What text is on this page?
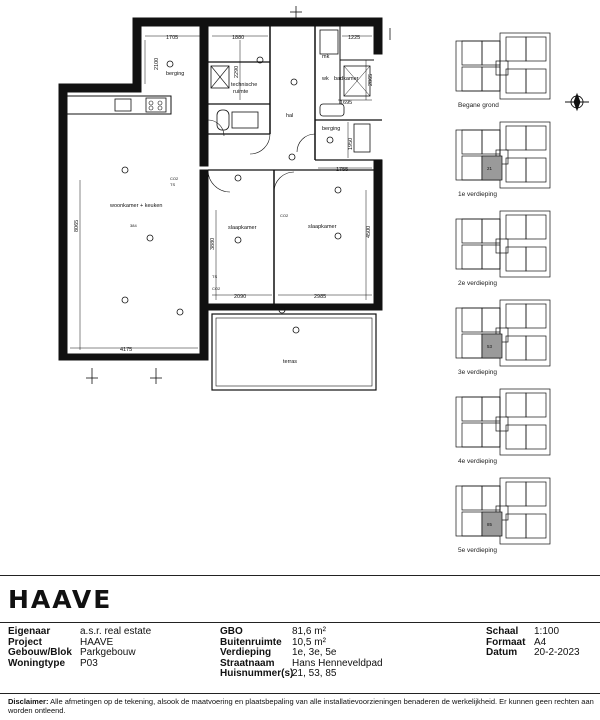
1705	1880	1225
2100
2290
2865
1695
1950
1755
8065
3880
4500
2090	2985
4175
berging
technische
ruimte
hal
badkamer
berging
mk
wk
woonkamer + keuken
slaapkamer	slaapkamer
terras
CO2
TS
CO2
CO2
TS
384
21
53
85
Begane grond
1e verdieping
2e verdieping
3e verdieping
4e verdieping
5e verdieping
HAAVE
Eigenaar	a.s.r. real estate
Project	HAAVE
Gebouw/Blok Parkgebouw
Woningtype P03
GBO	81,6 m²
Buitenruimte 10,5 m²
Verdieping 1e, 3e, 5e
Straatnaam Hans Henneveldpad
Huisnummer(s)
21, 53, 85
Schaal 1:100
Formaat A4
Datum 20-2-2023
Disclaimer: Alle afmetingen op de tekening, alsook de maatvoering en plaatsbepaling van alle installatievoorzieningen benaderen de werkelijkheid. Er kunnen geen rechten aan worden ontleend.
